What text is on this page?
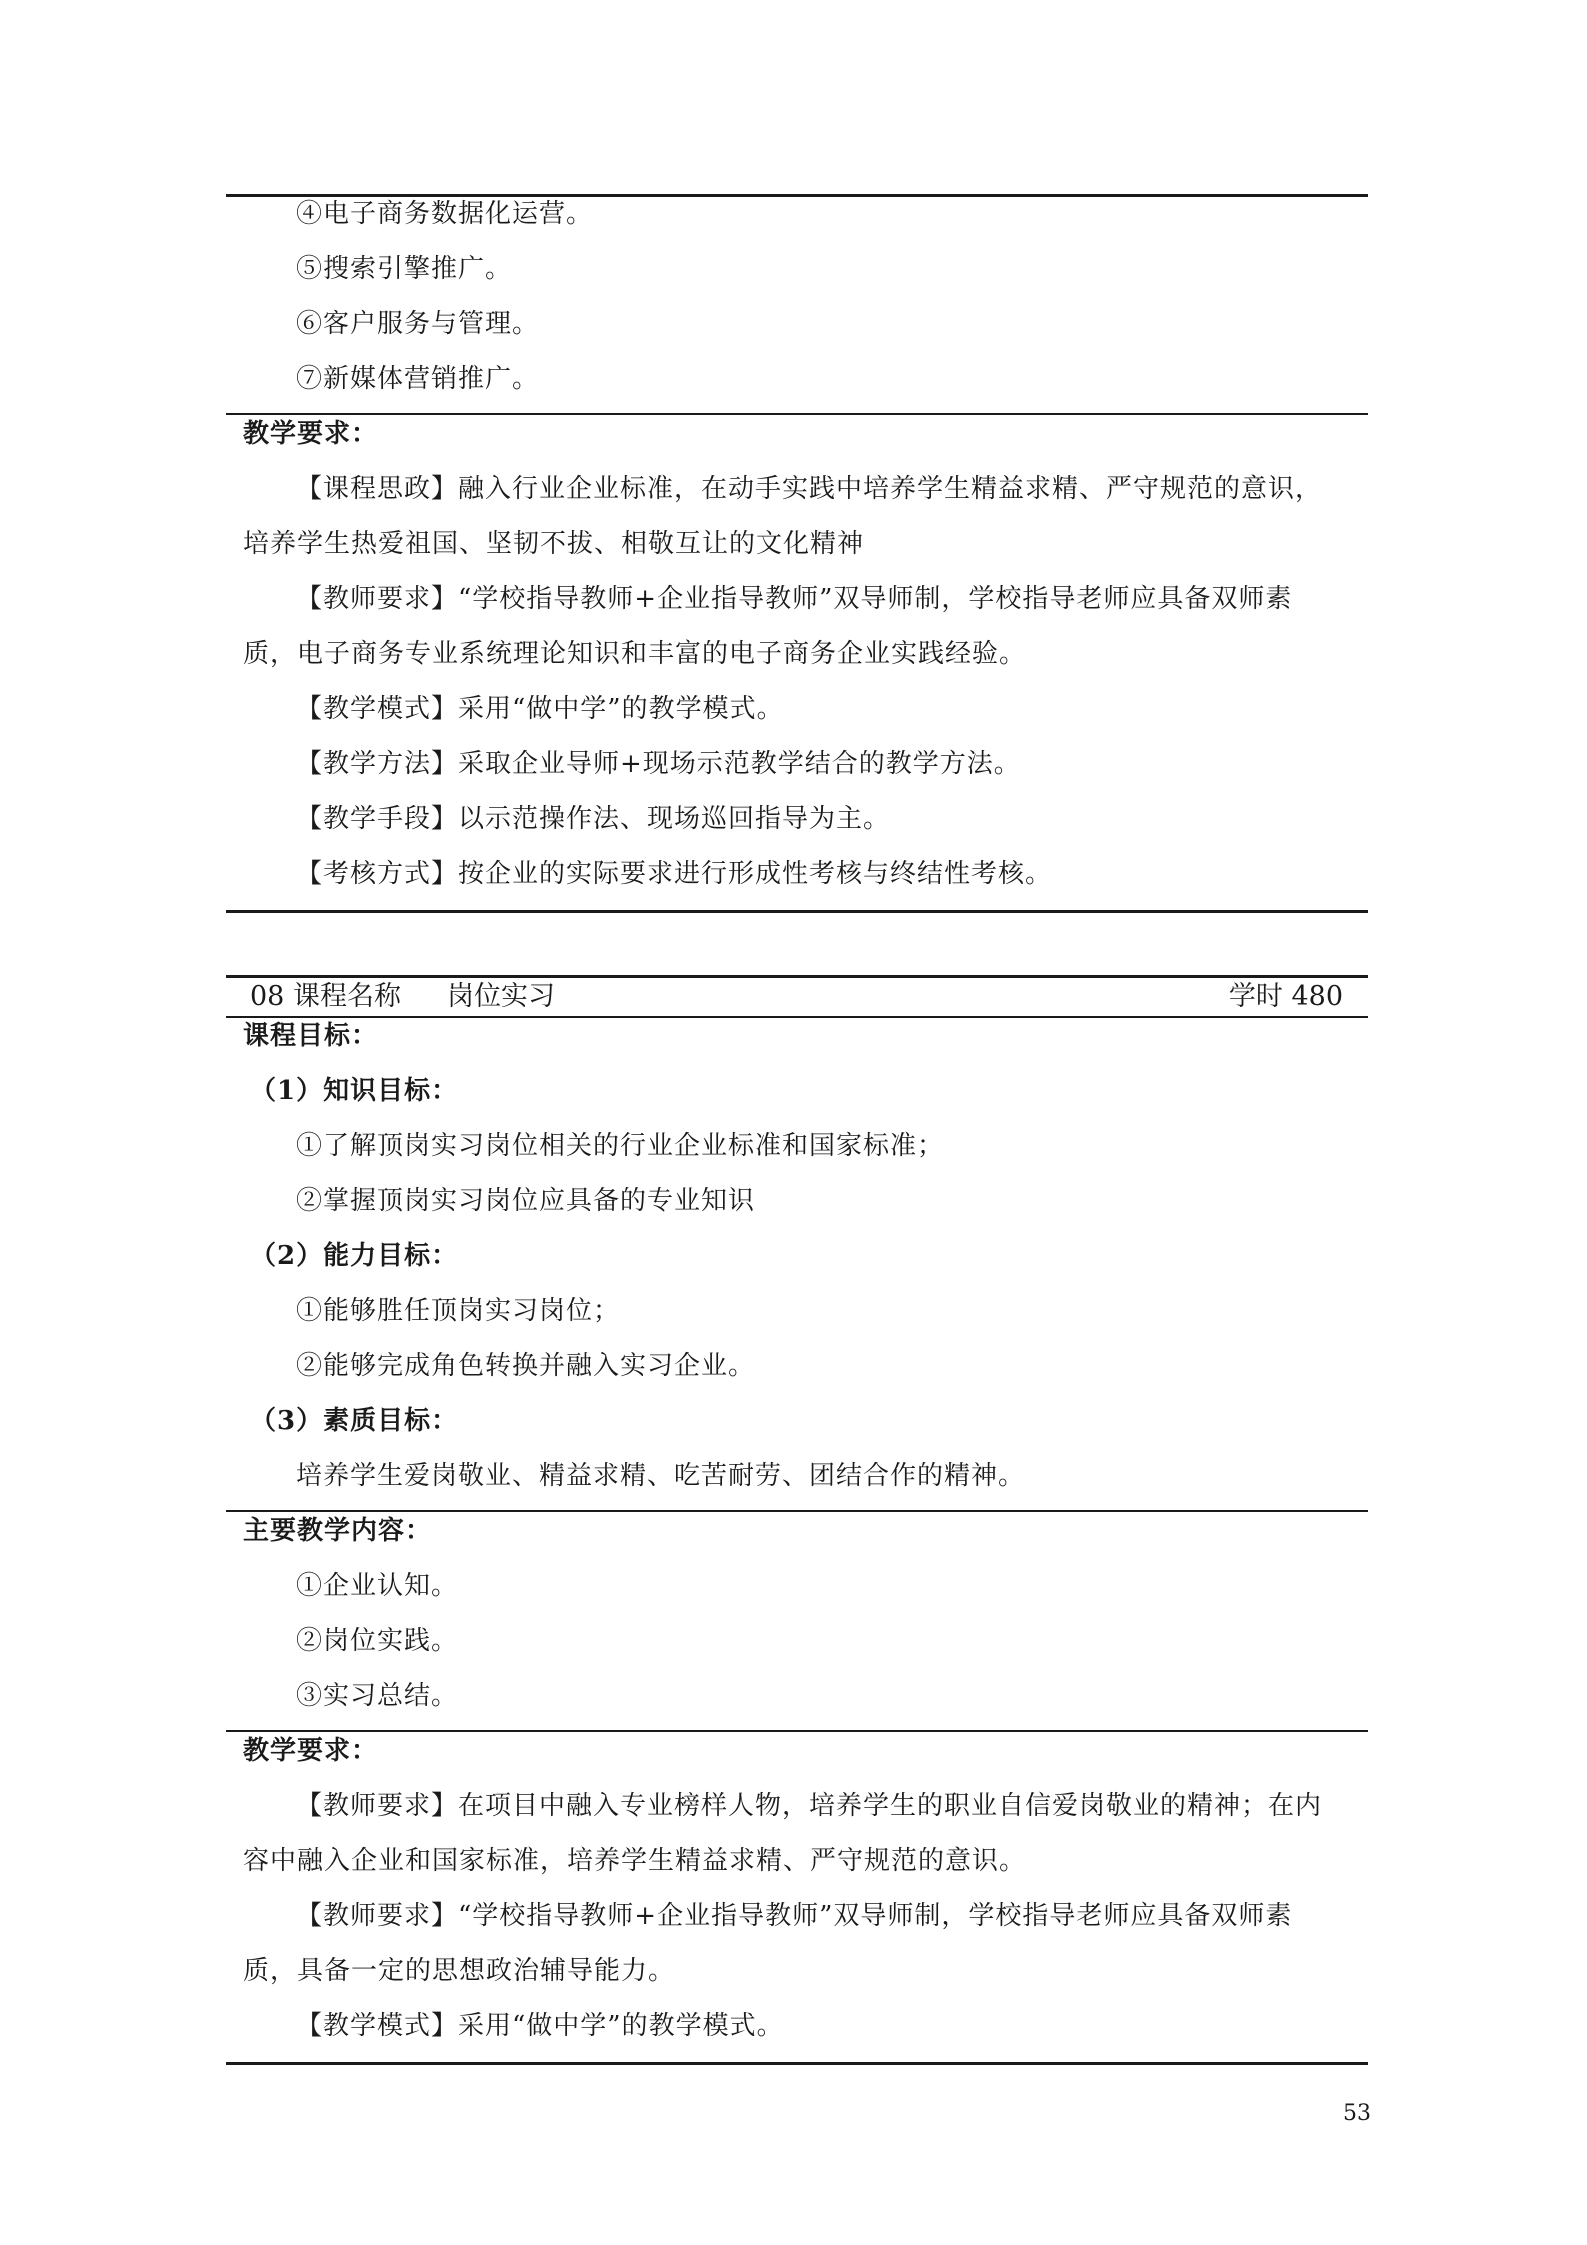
④电子商务数据化运营。
⑤搜索引擎推广。
⑥客户服务与管理。
⑦新媒体营销推广。
教学要求：
【课程思政】融入行业企业标准，在动手实践中培养学生精益求精、严守规范的意识，
培养学生热爱祖国、坚韧不拔、相敬互让的文化精神
【教师要求】“学校指导教师+企业指导教师”双导师制，学校指导老师应具备双师素
质，电子商务专业系统理论知识和丰富的电子商务企业实践经验。
【教学模式】采用“做中学”的教学模式。
【教学方法】采取企业导师+现场示范教学结合的教学方法。
【教学手段】以示范操作法、现场巡回指导为主。
【考核方式】按企业的实际要求进行形成性考核与终结性考核。
08 课程名称 岗位实习	学时 480
课程目标：
（1）知识目标：
①了解顶岗实习岗位相关的行业企业标准和国家标准；
②掌握顶岗实习岗位应具备的专业知识
（2）能力目标：
①能够胜任顶岗实习岗位；
②能够完成角色转换并融入实习企业。
（3）素质目标：
培养学生爱岗敬业、精益求精、吃苦耐劳、团结合作的精神。
主要教学内容：
①企业认知。
②岗位实践。
③实习总结。
教学要求：
【教师要求】在项目中融入专业榜样人物，培养学生的职业自信爱岗敬业的精神；在内
容中融入企业和国家标准，培养学生精益求精、严守规范的意识。
【教师要求】“学校指导教师+企业指导教师”双导师制，学校指导老师应具备双师素
质，具备一定的思想政治辅导能力。
【教学模式】采用“做中学”的教学模式。
53
